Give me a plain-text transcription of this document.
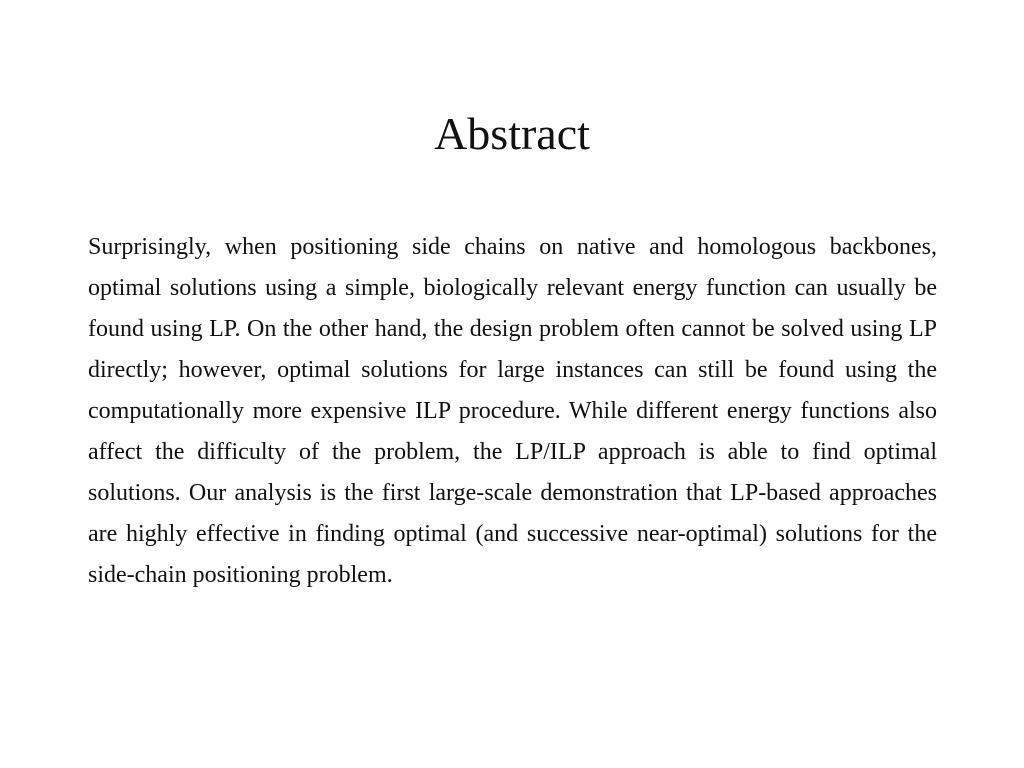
Abstract

Surprisingly, when positioning side chains on native and homologous backbones, optimal solutions using a simple, biologically relevant energy function can usually be found using LP. On the other hand, the design problem often cannot be solved using LP directly; however, optimal solutions for large instances can still be found using the computationally more expensive ILP procedure. While different energy functions also affect the difficulty of the problem, the LP/ILP approach is able to find optimal solutions. Our analysis is the first large-scale demonstration that LP-based approaches are highly effective in finding optimal (and successive near-optimal) solutions for the side-chain positioning problem.
